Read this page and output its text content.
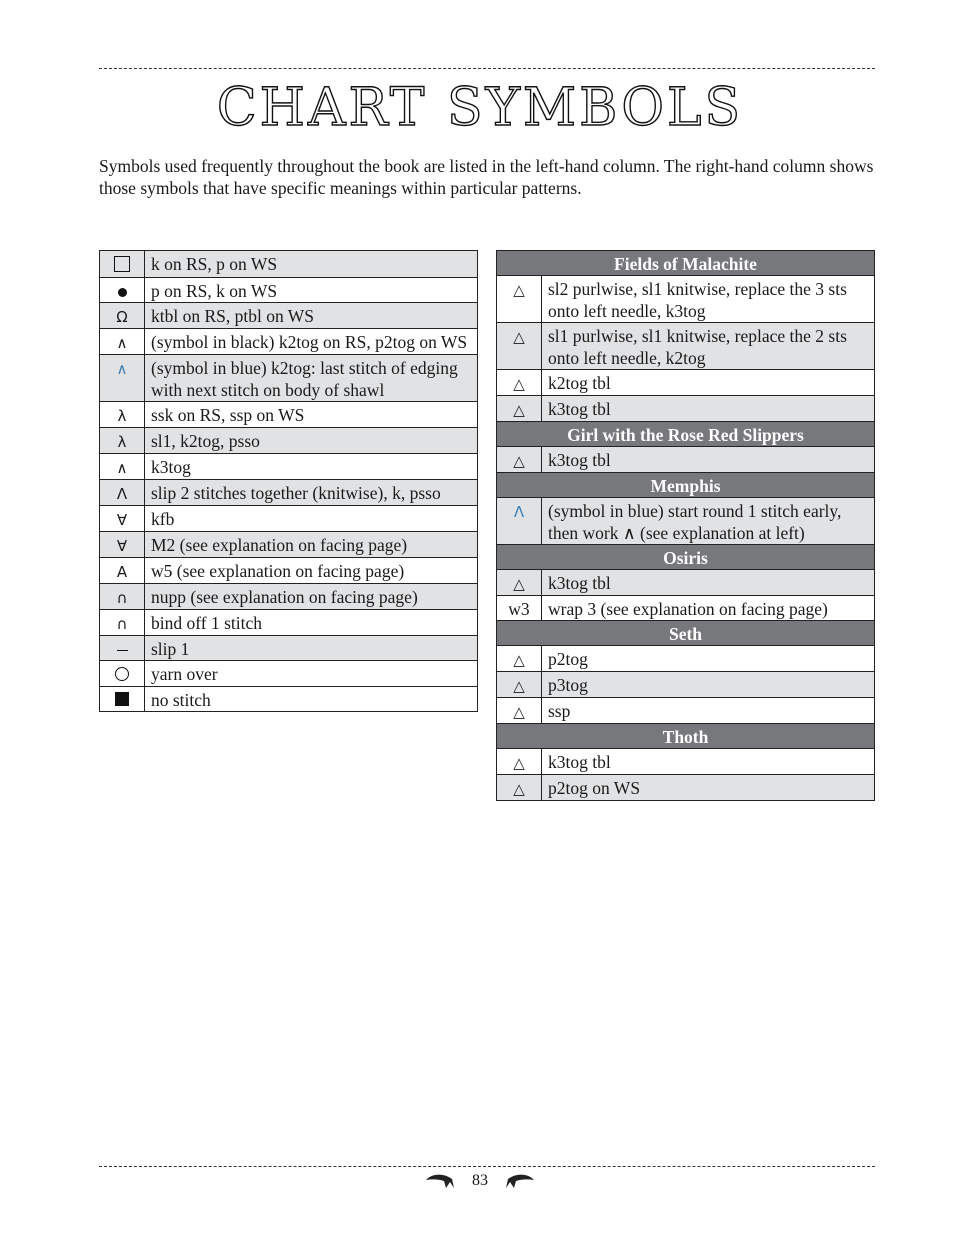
CHART SYMBOLS

Symbols used frequently throughout the book are listed in the left-hand column. The right-hand column shows those symbols that have specific meanings within particular patterns.

	k on RS, p on WS
	p on RS, k on WS
Ω	ktbl on RS, ptbl on WS
∧	(symbol in black) k2tog on RS, p2tog on WS
∧	(symbol in blue) k2tog: last stitch of edging with next stitch on body of shawl
λ	ssk on RS, ssp on WS
λ	sl1, k2tog, psso
∧	k3tog
Λ	slip 2 stitches together (knitwise), k, psso
∀	kfb
∀	M2 (see explanation on facing page)
A	w5 (see explanation on facing page)
∩	nupp (see explanation on facing page)
∩	bind off 1 stitch
	slip 1
	yarn over
	no stitch
Fields of Malachite	
△	sl2 purlwise, sl1 knitwise, replace the 3 sts onto left needle, k3tog
△	sl1 purlwise, sl1 knitwise, replace the 2 sts onto left needle, k2tog
△	k2tog tbl
△	k3tog tbl
Girl with the Rose Red Slippers	
△	k3tog tbl
Memphis	
Λ	(symbol in blue) start round 1 stitch early, then work ∧ (see explanation at left)
Osiris	
△	k3tog tbl
w3	wrap 3 (see explanation on facing page)
Seth	
△	p2tog
△	p3tog
△	ssp
Thoth	
△	k3tog tbl
△	p2tog on WS
83
